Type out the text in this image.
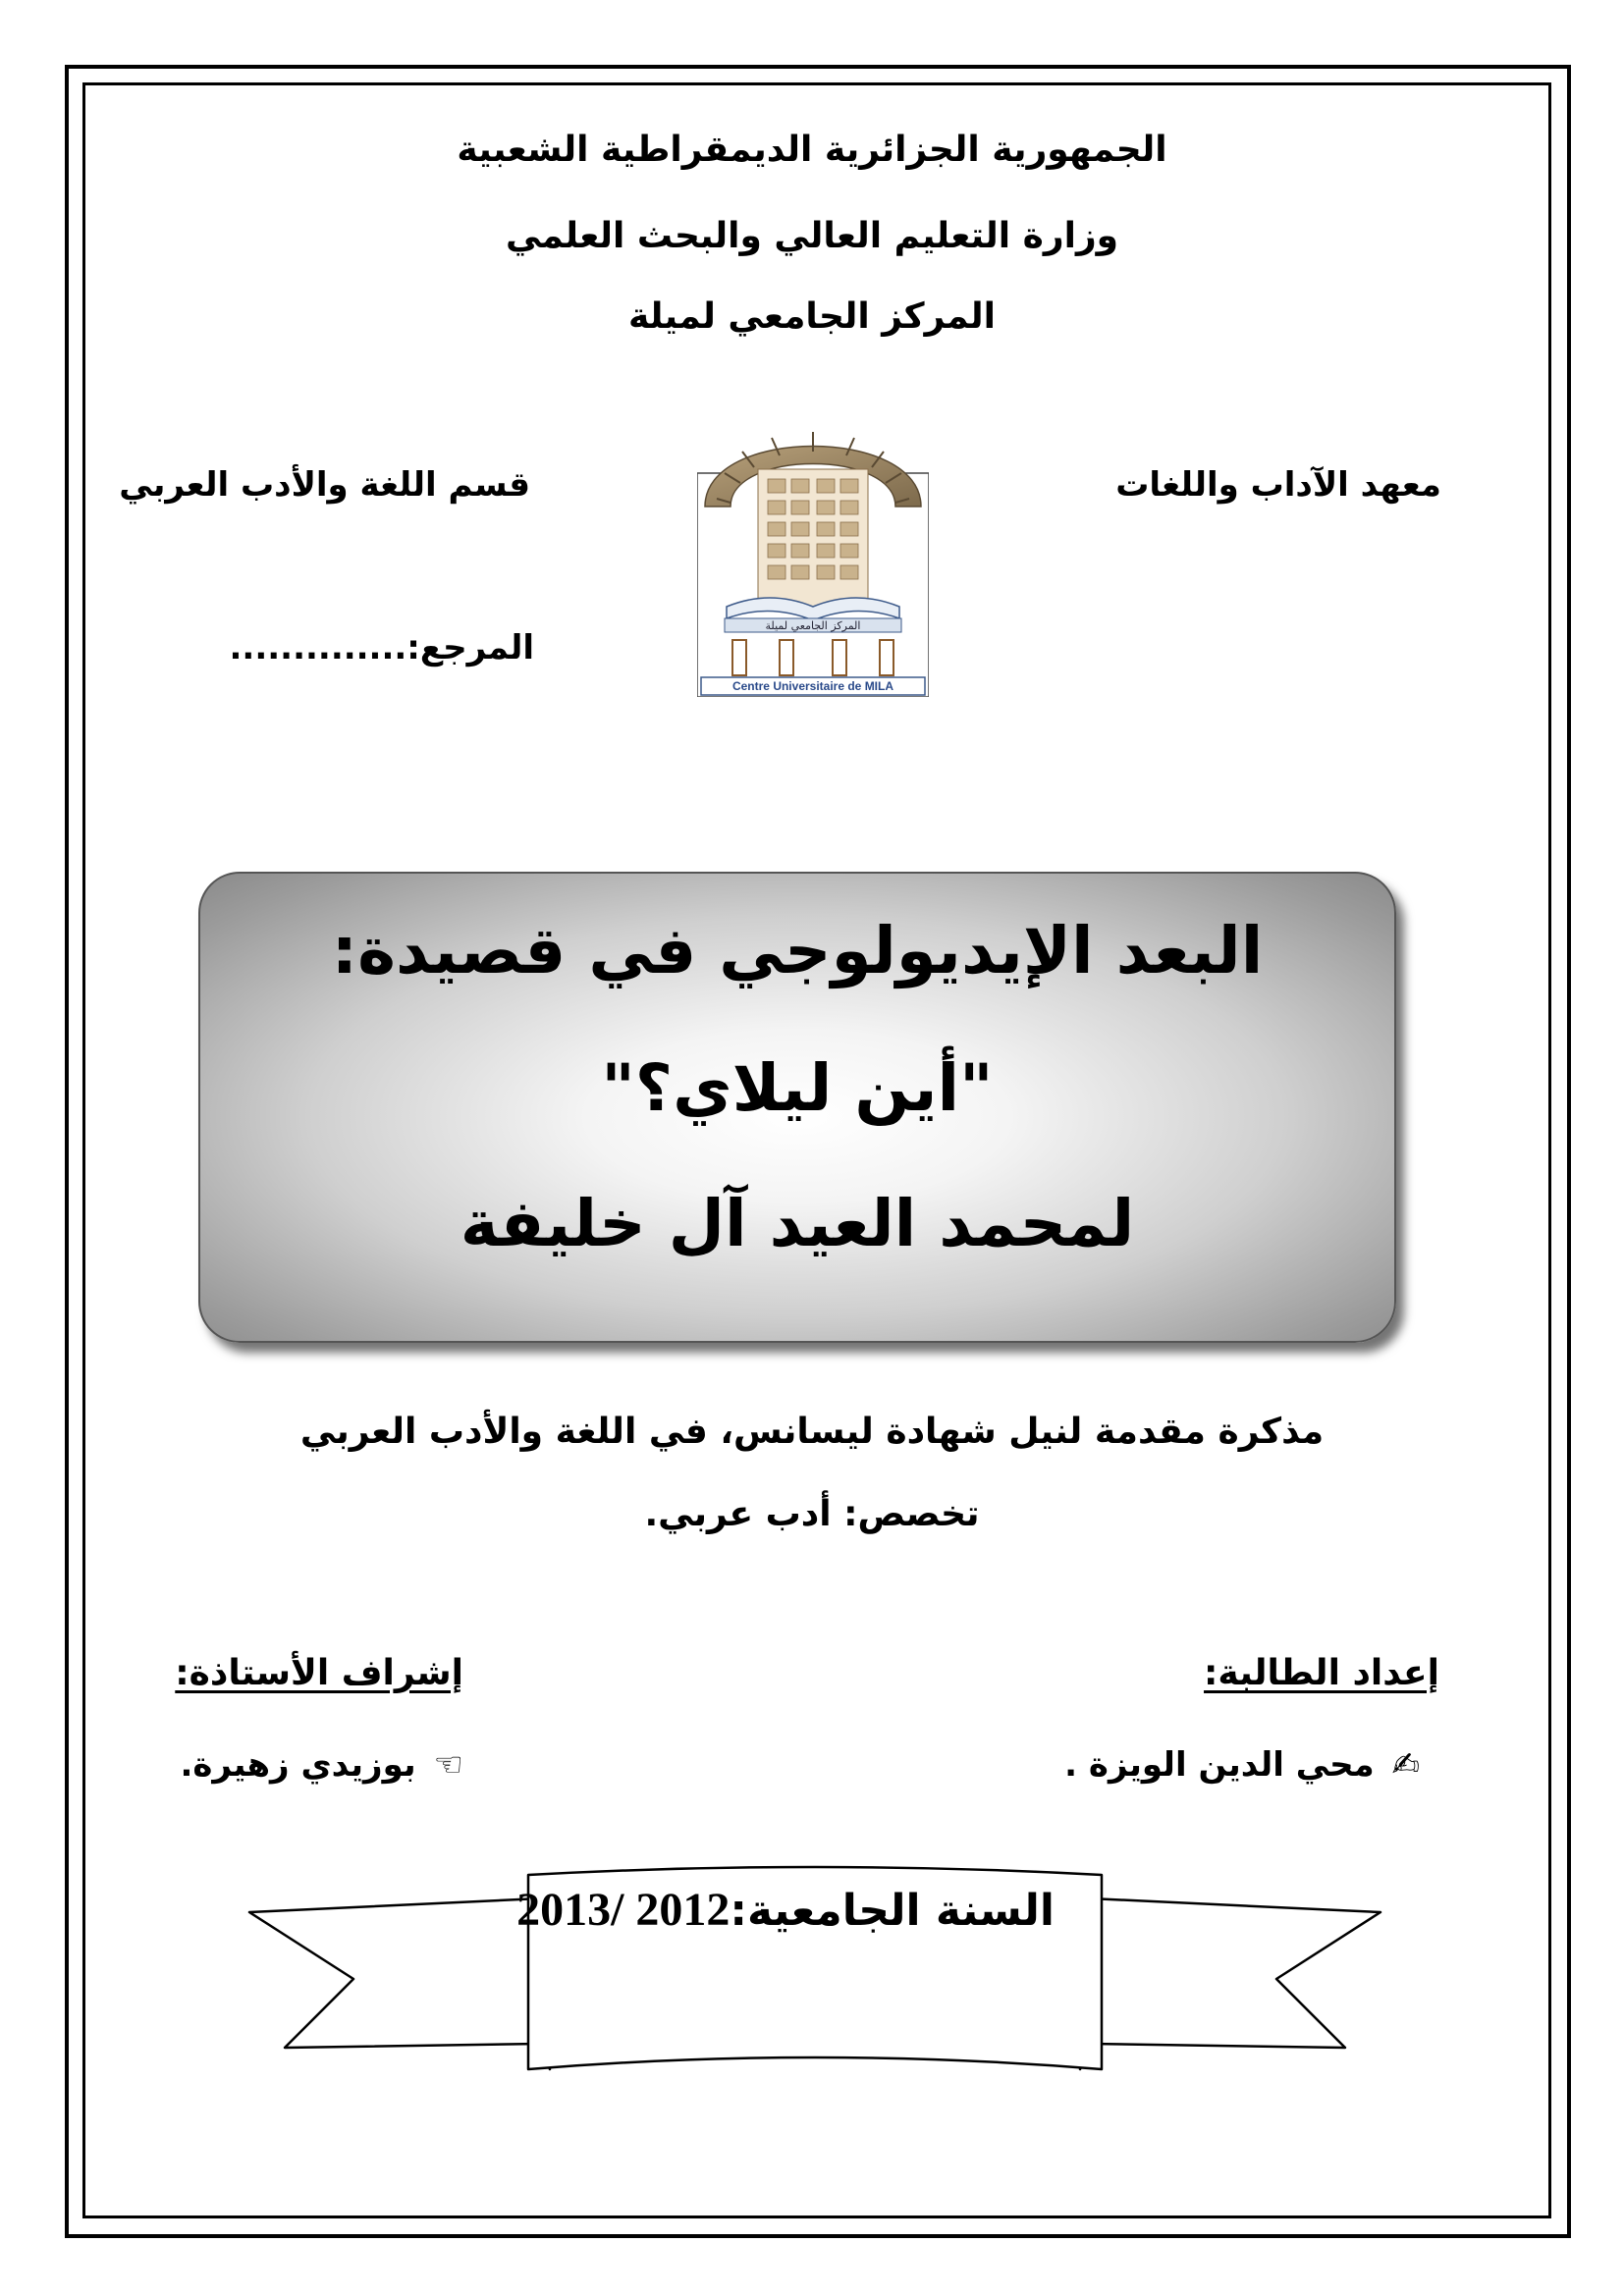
الجمهورية الجزائرية الديمقراطية الشعبية
وزارة التعليم العالي والبحث العلمي
المركز الجامعي لميلة
معهد الآداب واللغات
قسم اللغة والأدب العربي
المرجع:..............
المركز الجامعي لميلة
Centre Universitaire de MILA
البعد الإيديولوجي في قصيدة:
"أين ليلاي؟"
لمحمد العيد آل خليفة
مذكرة مقدمة لنيل شهادة ليسانس، في اللغة والأدب العربي
تخصص: أدب عربي.
إعداد الطالبة:
إشراف الأستاذة:
✍ محي الدين الويزة .
☜ بوزيدي زهيرة.
السنة الجامعية:2012 /2013
